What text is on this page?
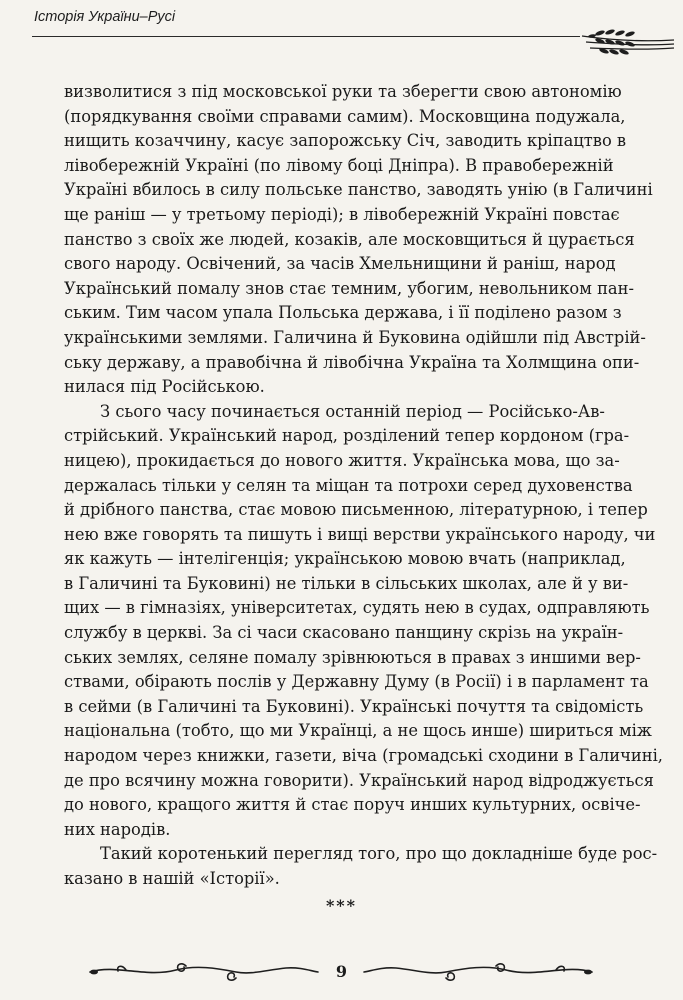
Історія України–Русі

визволитися з під московської руки та зберегти свою автономію
(порядкування своїми справами самим). Московщина подужала,
нищить козаччину, касує запорожську Січ, заводить кріпацтво в
лівобережній Україні (по лівому боці Дніпра). В правобережній
Україні вбилось в силу польське панство, заводять унію (в Галичині
ще раніш — у третьому періоді); в лівобережній Україні повстає
панство з своїх же людей, козаків, але московщиться й цурається
свого народу. Освічений, за часів Хмельнищини й раніш, народ
Український помалу знов стає темним, убогим, невольником пан-
ським. Тим часом упала Польська держава, і її поділено разом з
українськими землями. Галичина й Буковина одійшли під Австрій-
ську державу, а правобічна й лівобічна Україна та Холмщина опи-
нилася під Російською.

З сього часу починається останній період — Російсько-Ав-
стрійський. Український народ, розділений тепер кордоном (гра-
ницею), прокидається до нового життя. Українська мова, що за-
держалась тільки у селян та міщан та потрохи серед духовенства
й дрібного панства, стає мовою письменною, літературною, і тепер
нею вже говорять та пишуть і вищі верстви українського народу, чи
як кажуть — інтелігенція; українською мовою вчать (наприклад,
в Галичині та Буковині) не тільки в сільських школах, але й у ви-
щих — в гімназіях, університетах, судять нею в судах, одправляють
службу в церкві. За сі часи скасовано панщину скрізь на україн-
ських землях, селяне помалу зрівнюються в правах з иншими вер-
ствами, обірають послів у Державну Думу (в Росії) і в парламент та
в сейми (в Галичині та Буковині). Українські почуття та свідомість
національна (тобто, що ми Українці, а не щось инше) шириться між
народом через книжки, газети, віча (громадські сходини в Галичині,
де про всячину можна говорити). Український народ відроджується
до нового, кращого життя й стає поруч инших культурних, освіче-
них народів.

Такий коротенький перегляд того, про що докладніше буде рос-
казано в нашій «Історії».

***
9
